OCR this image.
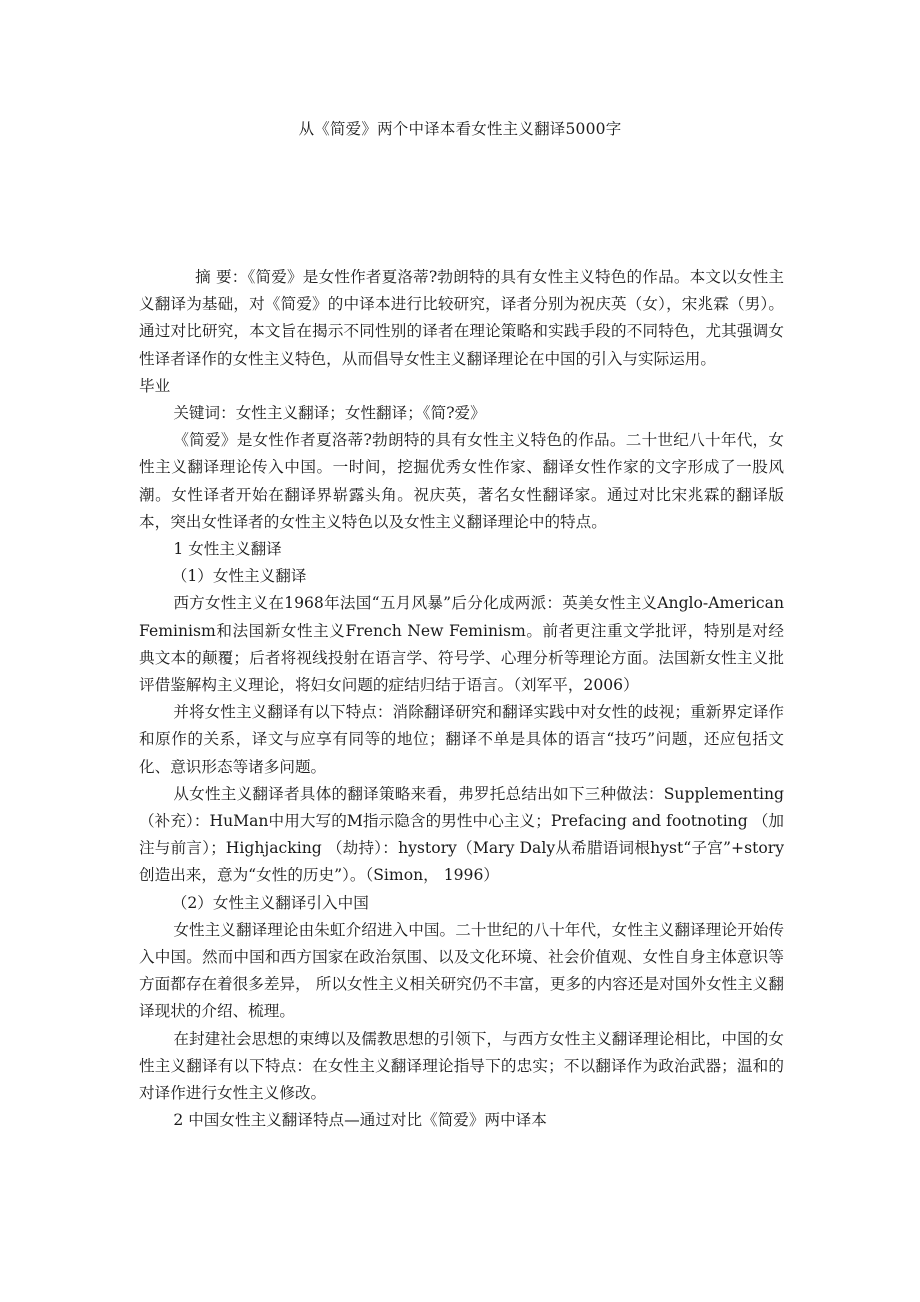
从《简爱》两个中译本看女性主义翻译5000字

摘 要：《简爱》是女性作者夏洛蒂?勃朗特的具有女性主义特色的作品。本文以女性主义翻译为基础，对《简爱》的中译本进行比较研究，译者分别为祝庆英（女），宋兆霖（男）。通过对比研究，本文旨在揭示不同性别的译者在理论策略和实践手段的不同特色，尤其强调女性译者译作的女性主义特色，从而倡导女性主义翻译理论在中国的引入与实际运用。

毕业

关键词：女性主义翻译；女性翻译；《简?爱》

《简爱》是女性作者夏洛蒂?勃朗特的具有女性主义特色的作品。二十世纪八十年代，女性主义翻译理论传入中国。一时间，挖掘优秀女性作家、翻译女性作家的文字形成了一股风潮。女性译者开始在翻译界崭露头角。祝庆英，著名女性翻译家。通过对比宋兆霖的翻译版本，突出女性译者的女性主义特色以及女性主义翻译理论中的特点。

1 女性主义翻译

（1）女性主义翻译

西方女性主义在1968年法国“五月风暴”后分化成两派：英美女性主义Anglo-American Feminism和法国新女性主义French New Feminism。前者更注重文学批评，特别是对经典文本的颠覆；后者将视线投射在语言学、符号学、心理分析等理论方面。法国新女性主义批评借鉴解构主义理论，将妇女问题的症结归结于语言。（刘军平，2006）

并将女性主义翻译有以下特点：消除翻译研究和翻译实践中对女性的歧视；重新界定译作和原作的关系，译文与应享有同等的地位；翻译不单是具体的语言“技巧”问题，还应包括文化、意识形态等诸多问题。

从女性主义翻译者具体的翻译策略来看，弗罗托总结出如下三种做法：Supplementing（补充）：HuMan中用大写的M指示隐含的男性中心主义；Prefacing and footnoting （加注与前言）；Highjacking （劫持）：hystory（Mary Daly从希腊语词根hyst“子宫”+story创造出来，意为“女性的历史”）。（Simon， 1996）

（2）女性主义翻译引入中国

女性主义翻译理论由朱虹介绍进入中国。二十世纪的八十年代，女性主义翻译理论开始传入中国。然而中国和西方国家在政治氛围、以及文化环境、社会价值观、女性自身主体意识等方面都存在着很多差异， 所以女性主义相关研究仍不丰富，更多的内容还是对国外女性主义翻译现状的介绍、梳理。

在封建社会思想的束缚以及儒教思想的引领下，与西方女性主义翻译理论相比，中国的女性主义翻译有以下特点：在女性主义翻译理论指导下的忠实；不以翻译作为政治武器；温和的对译作进行女性主义修改。

2 中国女性主义翻译特点—通过对比《简爱》两中译本
